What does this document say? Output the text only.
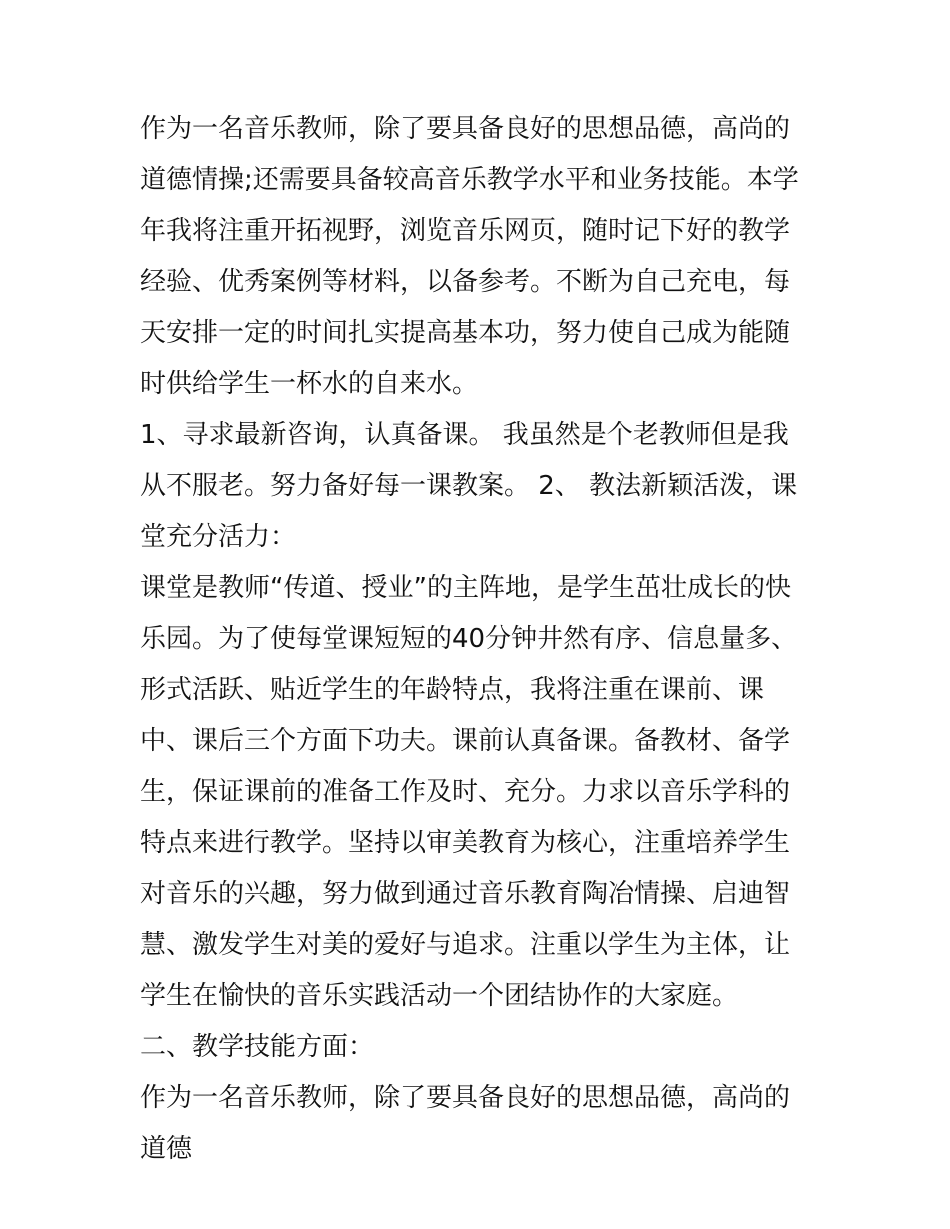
作为一名音乐教师，除了要具备良好的思想品德，高尚的道德情操;还需要具备较高音乐教学水平和业务技能。本学年我将注重开拓视野，浏览音乐网页，随时记下好的教学经验、优秀案例等材料，以备参考。不断为自己充电，每天安排一定的时间扎实提高基本功，努力使自己成为能随时供给学生一杯水的自来水。

1、寻求最新咨询，认真备课。 我虽然是个老教师但是我从不服老。努力备好每一课教案。 2、 教法新颖活泼，课堂充分活力：

课堂是教师“传道、授业”的主阵地，是学生茁壮成长的快乐园。为了使每堂课短短的40分钟井然有序、信息量多、形式活跃、贴近学生的年龄特点，我将注重在课前、课中、课后三个方面下功夫。课前认真备课。备教材、备学生，保证课前的准备工作及时、充分。力求以音乐学科的特点来进行教学。坚持以审美教育为核心，注重培养学生对音乐的兴趣，努力做到通过音乐教育陶冶情操、启迪智慧、激发学生对美的爱好与追求。注重以学生为主体，让学生在愉快的音乐实践活动一个团结协作的大家庭。

二、教学技能方面：

作为一名音乐教师，除了要具备良好的思想品德，高尚的道德
